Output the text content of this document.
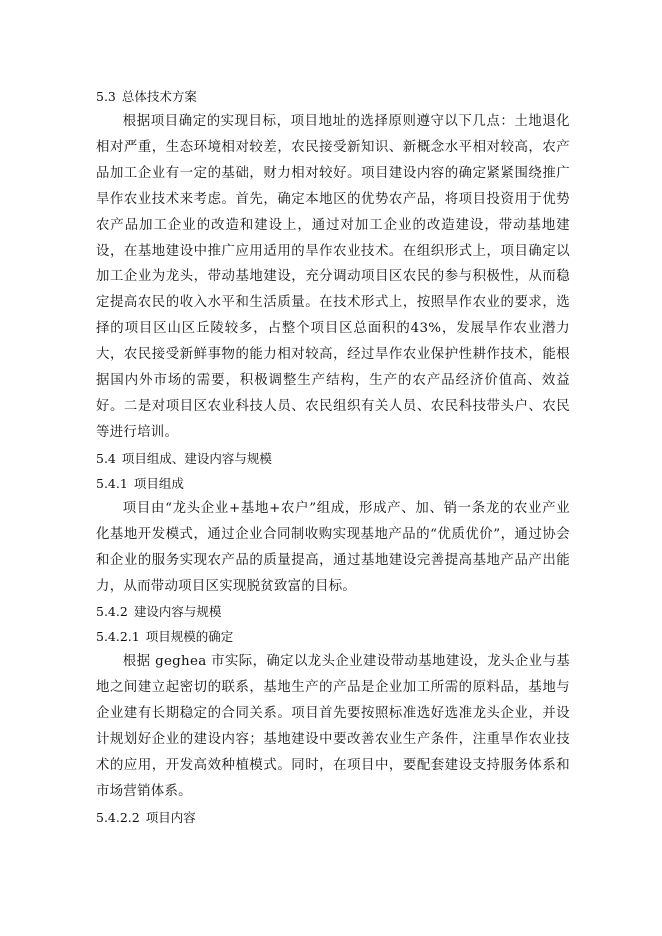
5.3 总体技术方案

根据项目确定的实现目标，项目地址的选择原则遵守以下几点：土地退化相对严重，生态环境相对较差，农民接受新知识、新概念水平相对较高，农产品加工企业有一定的基础，财力相对较好。项目建设内容的确定紧紧围绕推广旱作农业技术来考虑。首先，确定本地区的优势农产品，将项目投资用于优势农产品加工企业的改造和建设上，通过对加工企业的改造建设，带动基地建设，在基地建设中推广应用适用的旱作农业技术。在组织形式上，项目确定以加工企业为龙头，带动基地建设，充分调动项目区农民的参与积极性，从而稳定提高农民的收入水平和生活质量。在技术形式上，按照旱作农业的要求，选择的项目区山区丘陵较多，占整个项目区总面积的43%，发展旱作农业潜力大，农民接受新鲜事物的能力相对较高，经过旱作农业保护性耕作技术，能根据国内外市场的需要，积极调整生产结构，生产的农产品经济价值高、效益好。二是对项目区农业科技人员、农民组织有关人员、农民科技带头户、农民等进行培训。

5.4 项目组成、建设内容与规模
5.4.1 项目组成

项目由“龙头企业+基地+农户”组成，形成产、加、销一条龙的农业产业化基地开发模式，通过企业合同制收购实现基地产品的“优质优价”，通过协会和企业的服务实现农产品的质量提高，通过基地建设完善提高基地产品产出能力，从而带动项目区实现脱贫致富的目标。

5.4.2 建设内容与规模
5.4.2.1 项目规模的确定

根据 geghea 市实际，确定以龙头企业建设带动基地建设，龙头企业与基地之间建立起密切的联系，基地生产的产品是企业加工所需的原料品，基地与企业建有长期稳定的合同关系。项目首先要按照标准选好选准龙头企业，并设计规划好企业的建设内容；基地建设中要改善农业生产条件，注重旱作农业技术的应用，开发高效种植模式。同时，在项目中，要配套建设支持服务体系和市场营销体系。

5.4.2.2 项目内容
